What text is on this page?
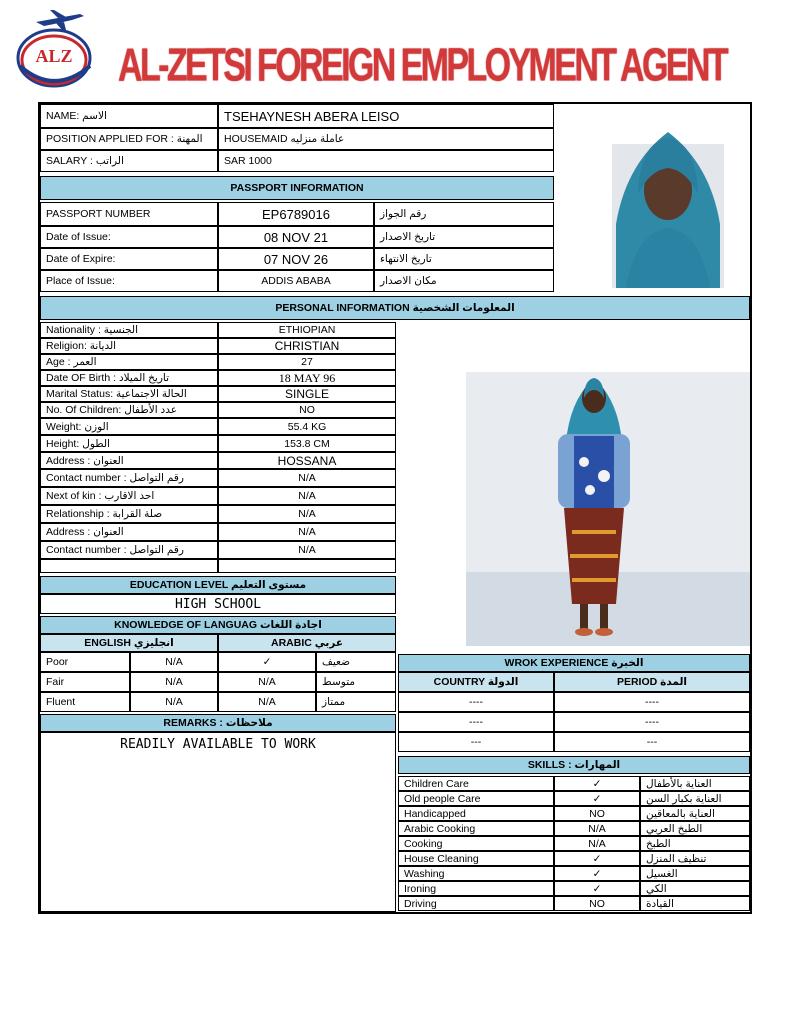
ALZ AL-ZETSI FOREIGN EMPLOYMENT AGENT
NAME: الاسم	TSEHAYNESH ABERA LEISO
POSITION APPLIED FOR : المهنة	HOUSEMAID عاملة منزليه
SALARY : الراتب	SAR 1000
PASSPORT INFORMATION
PASSPORT NUMBER	EP6789016	رقم الجواز
Date of Issue:	08 NOV 21	تاريخ الاصدار
Date of Expire:	07 NOV 26	تاريخ الانتهاء
Place of Issue:	ADDIS ABABA	مكان الاصدار
PERSONAL INFORMATION المعلومات الشخصية
Nationality : الجنسية	ETHIOPIAN
Religion: الديانة	CHRISTIAN
Age : العمر	27
Date OF Birth : تاريخ الميلاد	18 MAY 96
Marital Status: الحالة الاجتماعية	SINGLE
No. Of Children: عدد الأطفال	NO
Weight: الوزن	55.4 KG
Height: الطول	153.8 CM
Address : العنوان	HOSSANA
Contact number : رقم التواصل	N/A
Next of kin : احد الاقارب	N/A
Relationship : صلة القرابة	N/A
Address : العنوان	N/A
Contact number : رقم التواصل	N/A
EDUCATION LEVEL مستوى التعليم
HIGH SCHOOL
KNOWLEDGE OF LANGUAG اجادة اللغات
ENGLISH انجليزي	ARABIC عربي
Poor	N/A	✓	ضعيف
Fair	N/A	N/A	متوسط
Fluent	N/A	N/A	ممتاز
REMARKS : ملاحظات
READILY AVAILABLE TO WORK
WROK EXPERIENCE الخبرة
COUNTRY الدولة	PERIOD المدة
----	----
----	----
---	---
SKILLS : المهارات
Children Care	✓	العناية بالأطفال
Old people Care	✓	العناية بكبار السن
Handicapped	NO	العناية بالمعاقين
Arabic Cooking	N/A	الطبخ العربي
Cooking	N/A	الطبخ
House Cleaning	✓	تنظيف المنزل
Washing	✓	الغسيل
Ironing	✓	الكي
Driving	NO	القيادة
